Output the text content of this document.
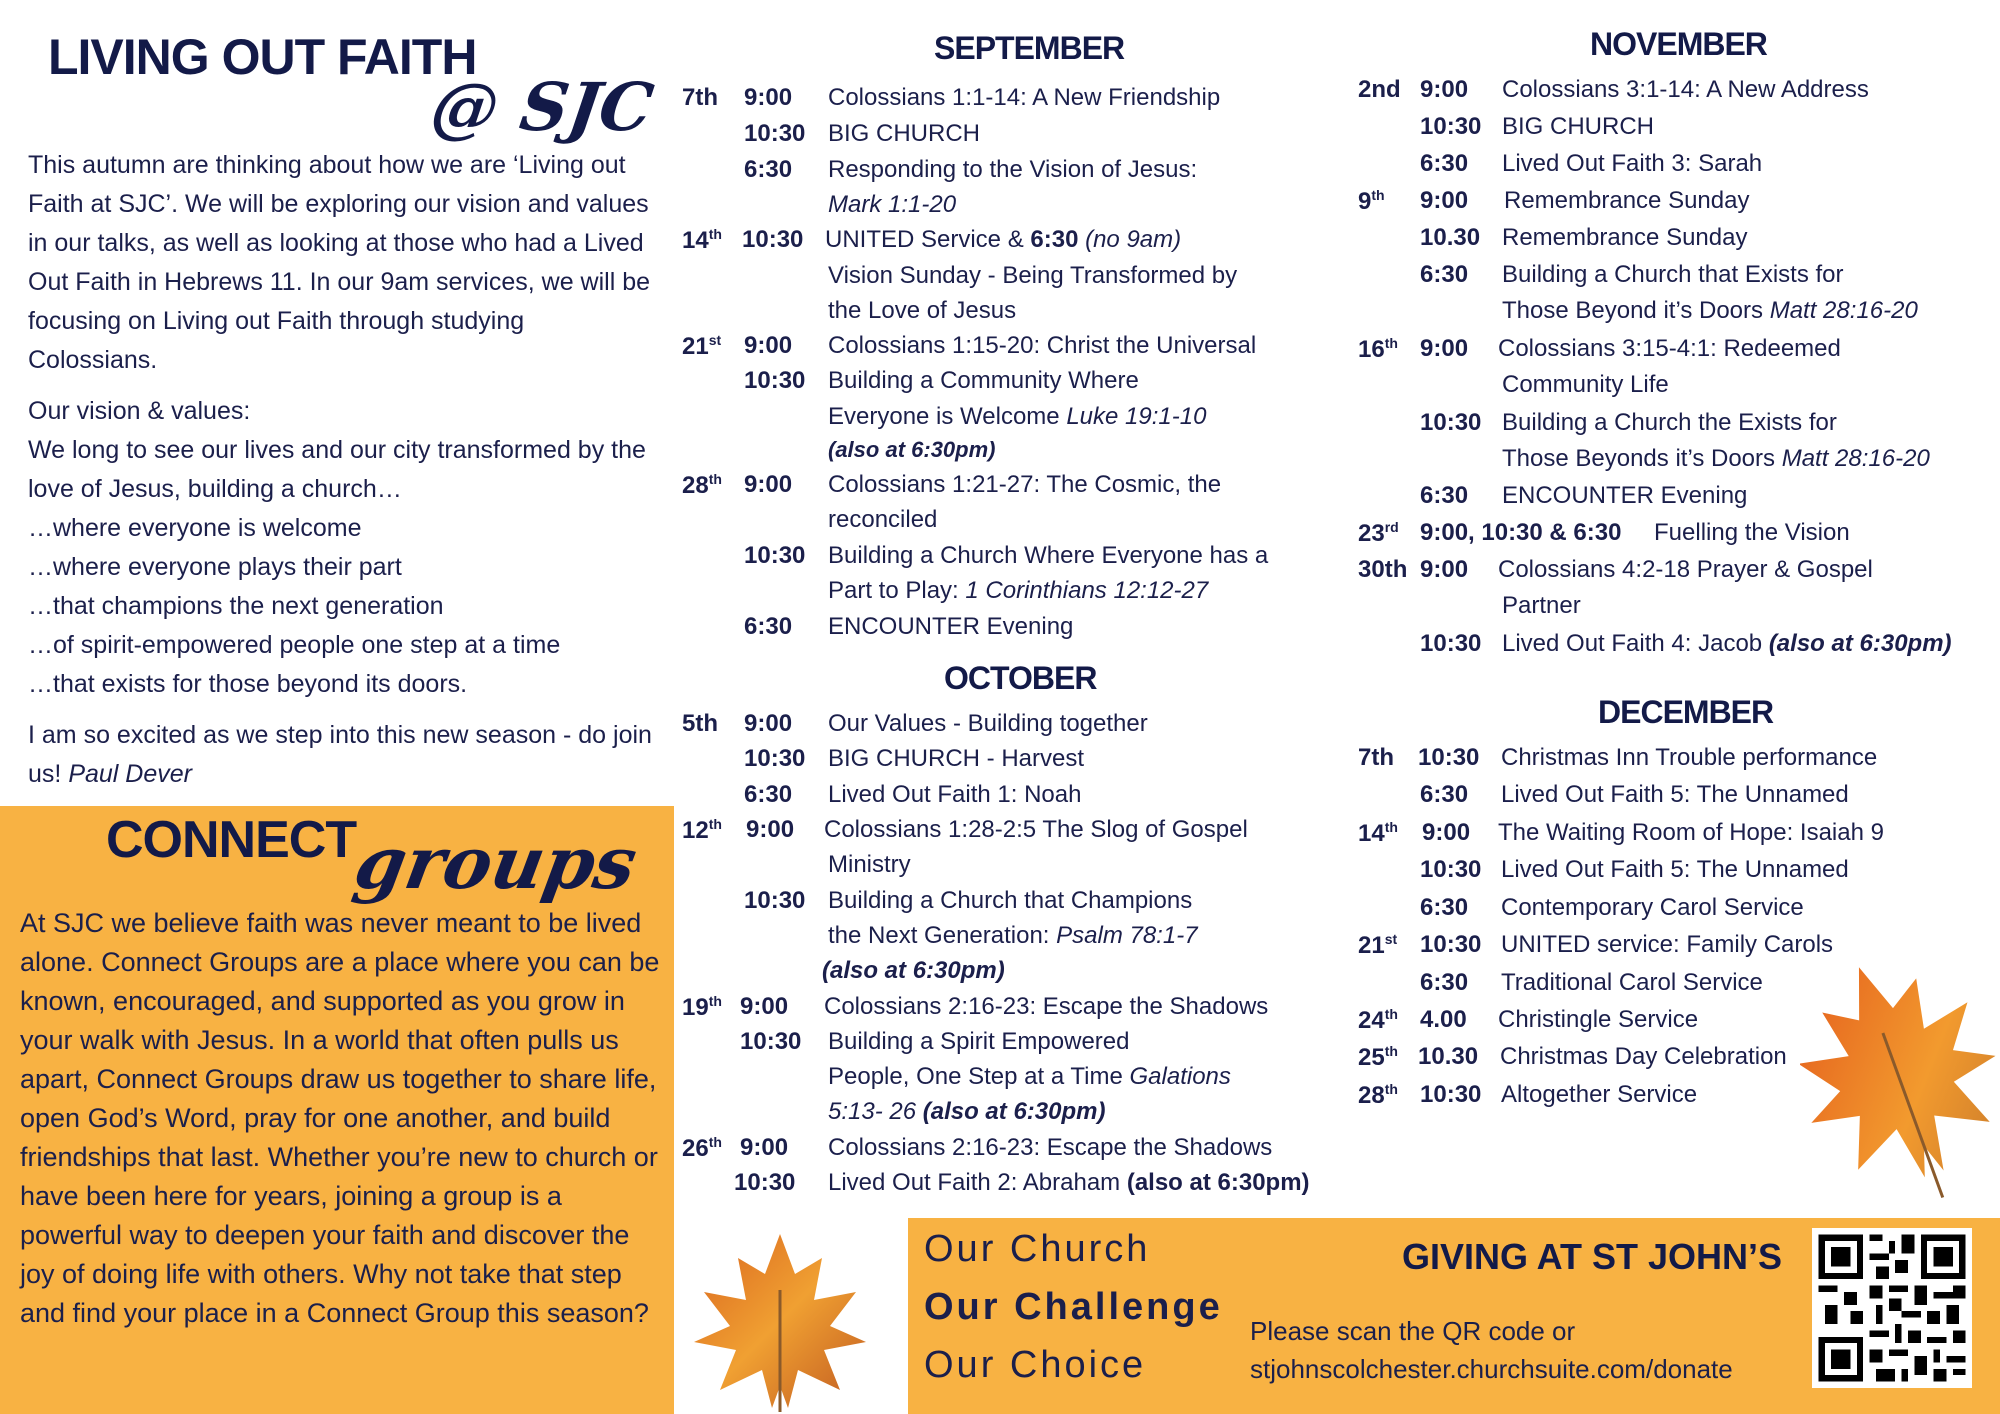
LIVING OUT FAITH
@ SJC

This autumn are thinking about how we are ‘Living out Faith at SJC’. We will be exploring our vision and values in our talks, as well as looking at those who had a Lived Out Faith in Hebrews 11. In our 9am services, we will be focusing on Living out Faith through studying Colossians.

Our vision & values:
We long to see our lives and our city transformed by the love of Jesus, building a church…
…where everyone is welcome
…where everyone plays their part
…that champions the next generation
…of spirit-empowered people one step at a time
…that exists for those beyond its doors.

I am so excited as we step into this new season - do join us! Paul Dever

CONNECT
groups
At SJC we believe faith was never meant to be lived alone. Connect Groups are a place where you can be known, encouraged, and supported as you grow in your walk with Jesus. In a world that often pulls us apart, Connect Groups draw us together to share life, open God’s Word, pray for one another, and build friendships that last. Whether you’re new to church or have been here for years, joining a group is a powerful way to deepen your faith and discover the joy of doing life with others. Why not take that step and find your place in a Connect Group this season?
SEPTEMBER
7th 9:00 Colossians 1:1-14: A New Friendship
10:30 BIG CHURCH
6:30 Responding to the Vision of Jesus:
Mark 1:1-20
14th 10:30 UNITED Service & 6:30 (no 9am)
Vision Sunday - Being Transformed by
the Love of Jesus
21st 9:00 Colossians 1:15-20: Christ the Universal
10:30 Building a Community Where
Everyone is Welcome Luke 19:1-10
(also at 6:30pm)
28th 9:00 Colossians 1:21-27: The Cosmic, the
reconciled
10:30 Building a Church Where Everyone has a
Part to Play: 1 Corinthians 12:12-27
6:30 ENCOUNTER Evening
OCTOBER
5th 9:00 Our Values - Building together
10:30 BIG CHURCH - Harvest
6:30 Lived Out Faith 1: Noah
12th 9:00 Colossians 1:28-2:5 The Slog of Gospel
Ministry
10:30 Building a Church that Champions
the Next Generation: Psalm 78:1-7
(also at 6:30pm)
19th 9:00 Colossians 2:16-23: Escape the Shadows
10:30 Building a Spirit Empowered
People, One Step at a Time Galations
5:13- 26 (also at 6:30pm)
26th 9:00 Colossians 2:16-23: Escape the Shadows
10:30 Lived Out Faith 2: Abraham (also at 6:30pm)
NOVEMBER
2nd 9:00 Colossians 3:1-14: A New Address
10:30 BIG CHURCH
6:30 Lived Out Faith 3: Sarah
9th 9:00 Remembrance Sunday
10.30 Remembrance Sunday
6:30 Building a Church that Exists for
Those Beyond it’s Doors Matt 28:16-20
16th 9:00 Colossians 3:15-4:1: Redeemed
Community Life
10:30 Building a Church the Exists for
Those Beyonds it’s Doors Matt 28:16-20
6:30 ENCOUNTER Evening
23rd 9:00, 10:30 & 6:30 Fuelling the Vision
30th 9:00 Colossians 4:2-18 Prayer & Gospel
Partner
10:30 Lived Out Faith 4: Jacob (also at 6:30pm)
DECEMBER
7th 10:30 Christmas Inn Trouble performance
6:30 Lived Out Faith 5: The Unnamed
14th 9:00 The Waiting Room of Hope: Isaiah 9
10:30 Lived Out Faith 5: The Unnamed
6:30 Contemporary Carol Service
21st 10:30 UNITED service: Family Carols
6:30 Traditional Carol Service
24th 4.00 Christingle Service
25th 10.30 Christmas Day Celebration
28th 10:30 Altogether Service
Our Church
Our Challenge
Our Choice
GIVING AT ST JOHN’S
Please scan the QR code or
stjohnscolchester.churchsuite.com/donate
